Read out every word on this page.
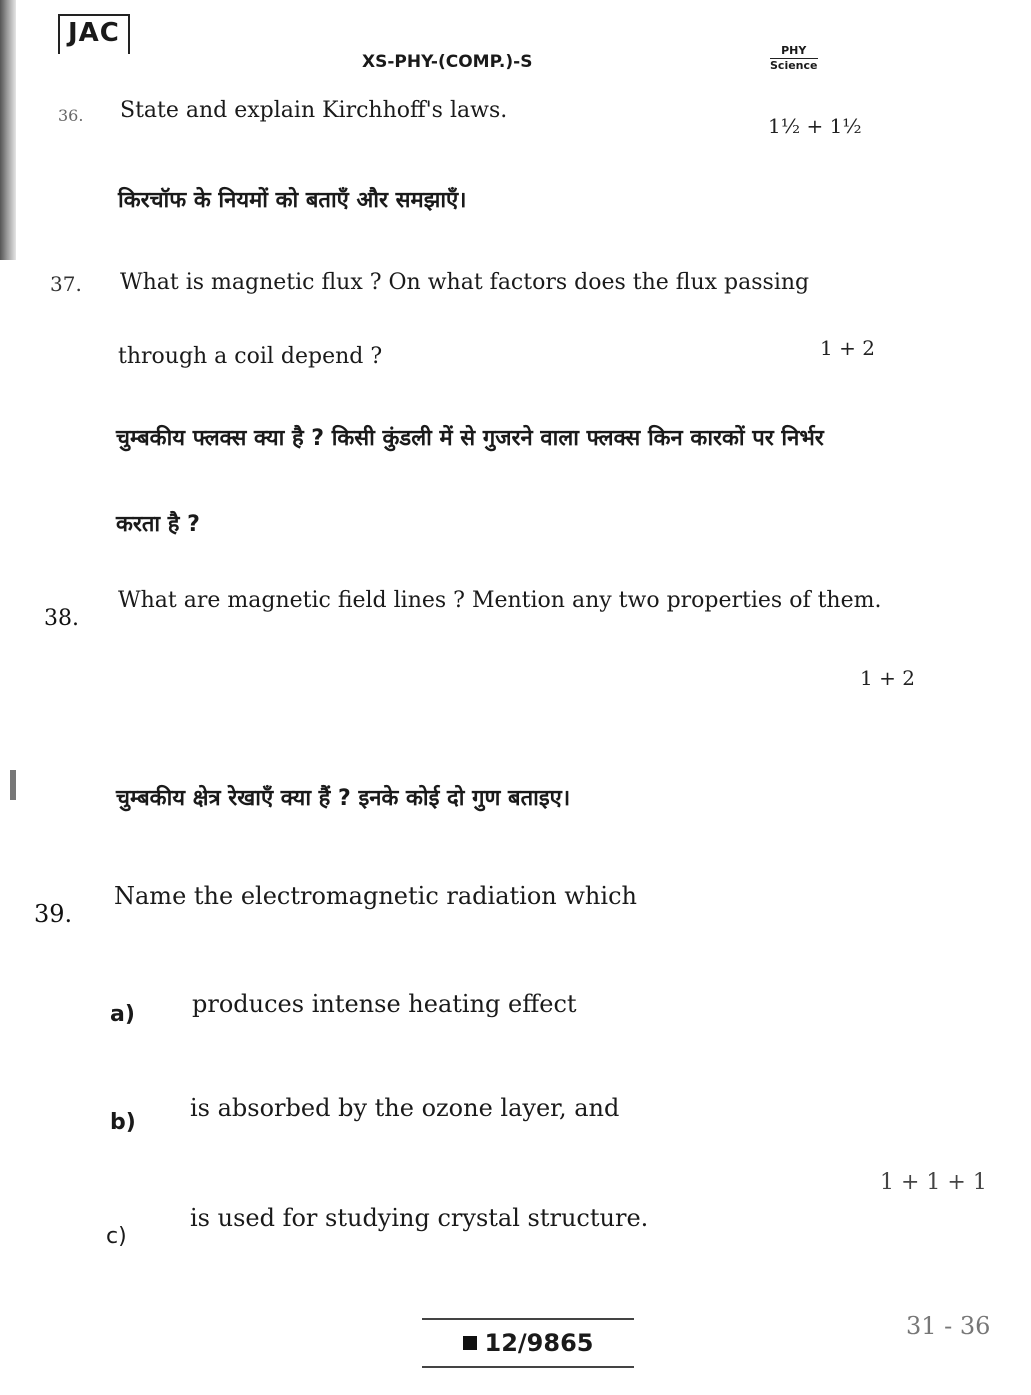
JAC
XS-PHY-(COMP.)-S
PHY
Science
36. State and explain Kirchhoff's laws.
1½ + 1½
किरचॉफ के नियमों को बताएँ और समझाएँ।
37. What is magnetic flux ? On what factors does the flux passing
through a coil depend ?	1 + 2
चुम्बकीय फ्लक्स क्या है ? किसी कुंडली में से गुजरने वाला फ्लक्स किन कारकों पर निर्भर
करता है ?
38.
What are magnetic field lines ? Mention any two properties of them.
1 + 2
चुम्बकीय क्षेत्र रेखाएँ क्या हैं ? इनके कोई दो गुण बताइए।
39.
Name the electromagnetic radiation which
a) produces intense heating effect
b)
is absorbed by the ozone layer, and
1 + 1 + 1
c)
is used for studying crystal structure.
12/9865
31 - 36
